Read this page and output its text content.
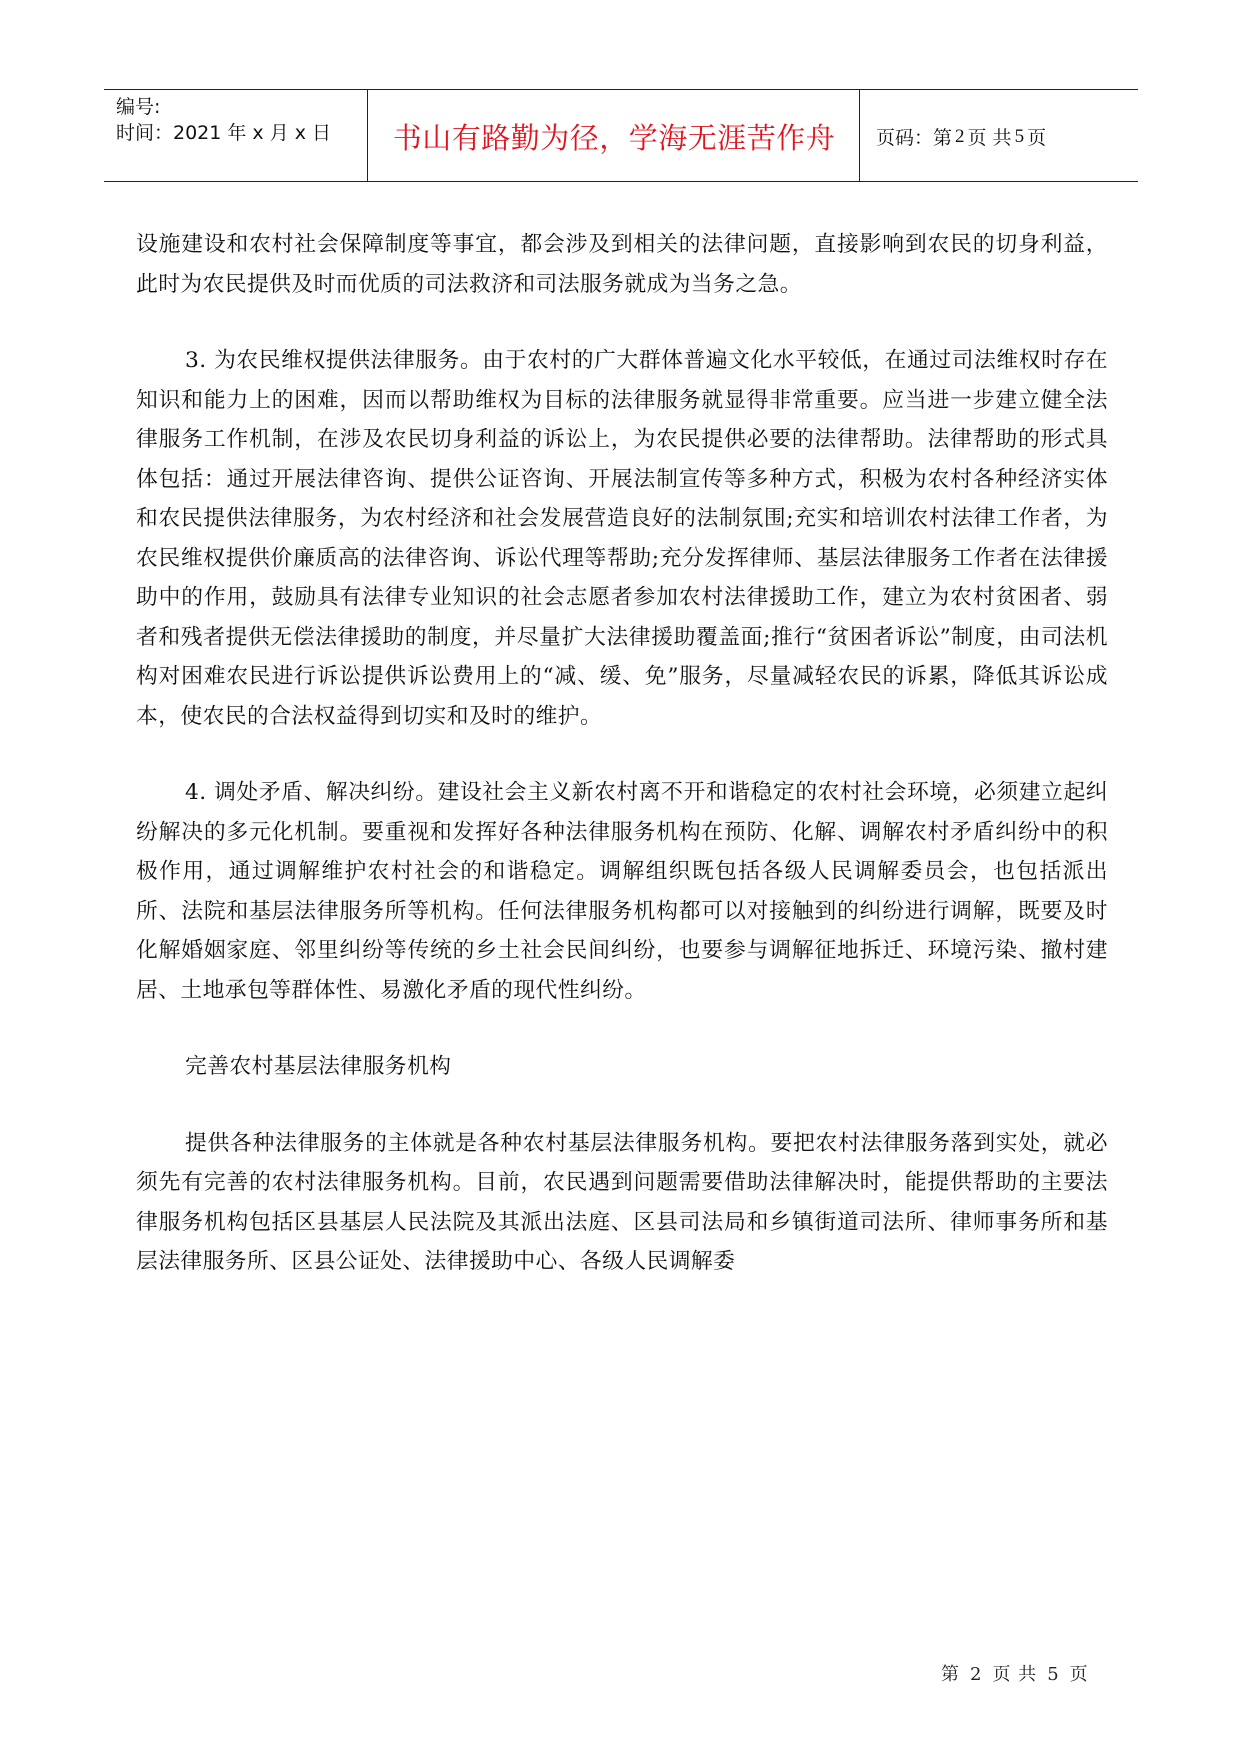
编号:
时间：2021 年 x 月 x 日	书山有路勤为径，学海无涯苦作舟	页码：第 2 页 共 5 页

设施建设和农村社会保障制度等事宜，都会涉及到相关的法律问题，直接影响到农民的切身利益，此时为农民提供及时而优质的司法救济和司法服务就成为当务之急。

3. 为农民维权提供法律服务。由于农村的广大群体普遍文化水平较低，在通过司法维权时存在知识和能力上的困难，因而以帮助维权为目标的法律服务就显得非常重要。应当进一步建立健全法律服务工作机制，在涉及农民切身利益的诉讼上，为农民提供必要的法律帮助。法律帮助的形式具体包括：通过开展法律咨询、提供公证咨询、开展法制宣传等多种方式，积极为农村各种经济实体和农民提供法律服务，为农村经济和社会发展营造良好的法制氛围;充实和培训农村法律工作者，为农民维权提供价廉质高的法律咨询、诉讼代理等帮助;充分发挥律师、基层法律服务工作者在法律援助中的作用，鼓励具有法律专业知识的社会志愿者参加农村法律援助工作，建立为农村贫困者、弱者和残者提供无偿法律援助的制度，并尽量扩大法律援助覆盖面;推行“贫困者诉讼”制度，由司法机构对困难农民进行诉讼提供诉讼费用上的“减、缓、免”服务，尽量减轻农民的诉累，降低其诉讼成本，使农民的合法权益得到切实和及时的维护。

4. 调处矛盾、解决纠纷。建设社会主义新农村离不开和谐稳定的农村社会环境，必须建立起纠纷解决的多元化机制。要重视和发挥好各种法律服务机构在预防、化解、调解农村矛盾纠纷中的积极作用，通过调解维护农村社会的和谐稳定。调解组织既包括各级人民调解委员会，也包括派出所、法院和基层法律服务所等机构。任何法律服务机构都可以对接触到的纠纷进行调解，既要及时化解婚姻家庭、邻里纠纷等传统的乡土社会民间纠纷，也要参与调解征地拆迁、环境污染、撤村建居、土地承包等群体性、易激化矛盾的现代性纠纷。

完善农村基层法律服务机构

提供各种法律服务的主体就是各种农村基层法律服务机构。要把农村法律服务落到实处，就必须先有完善的农村法律服务机构。目前，农民遇到问题需要借助法律解决时，能提供帮助的主要法律服务机构包括区县基层人民法院及其派出法庭、区县司法局和乡镇街道司法所、律师事务所和基层法律服务所、区县公证处、法律援助中心、各级人民调解委

第 2 页 共 5 页
